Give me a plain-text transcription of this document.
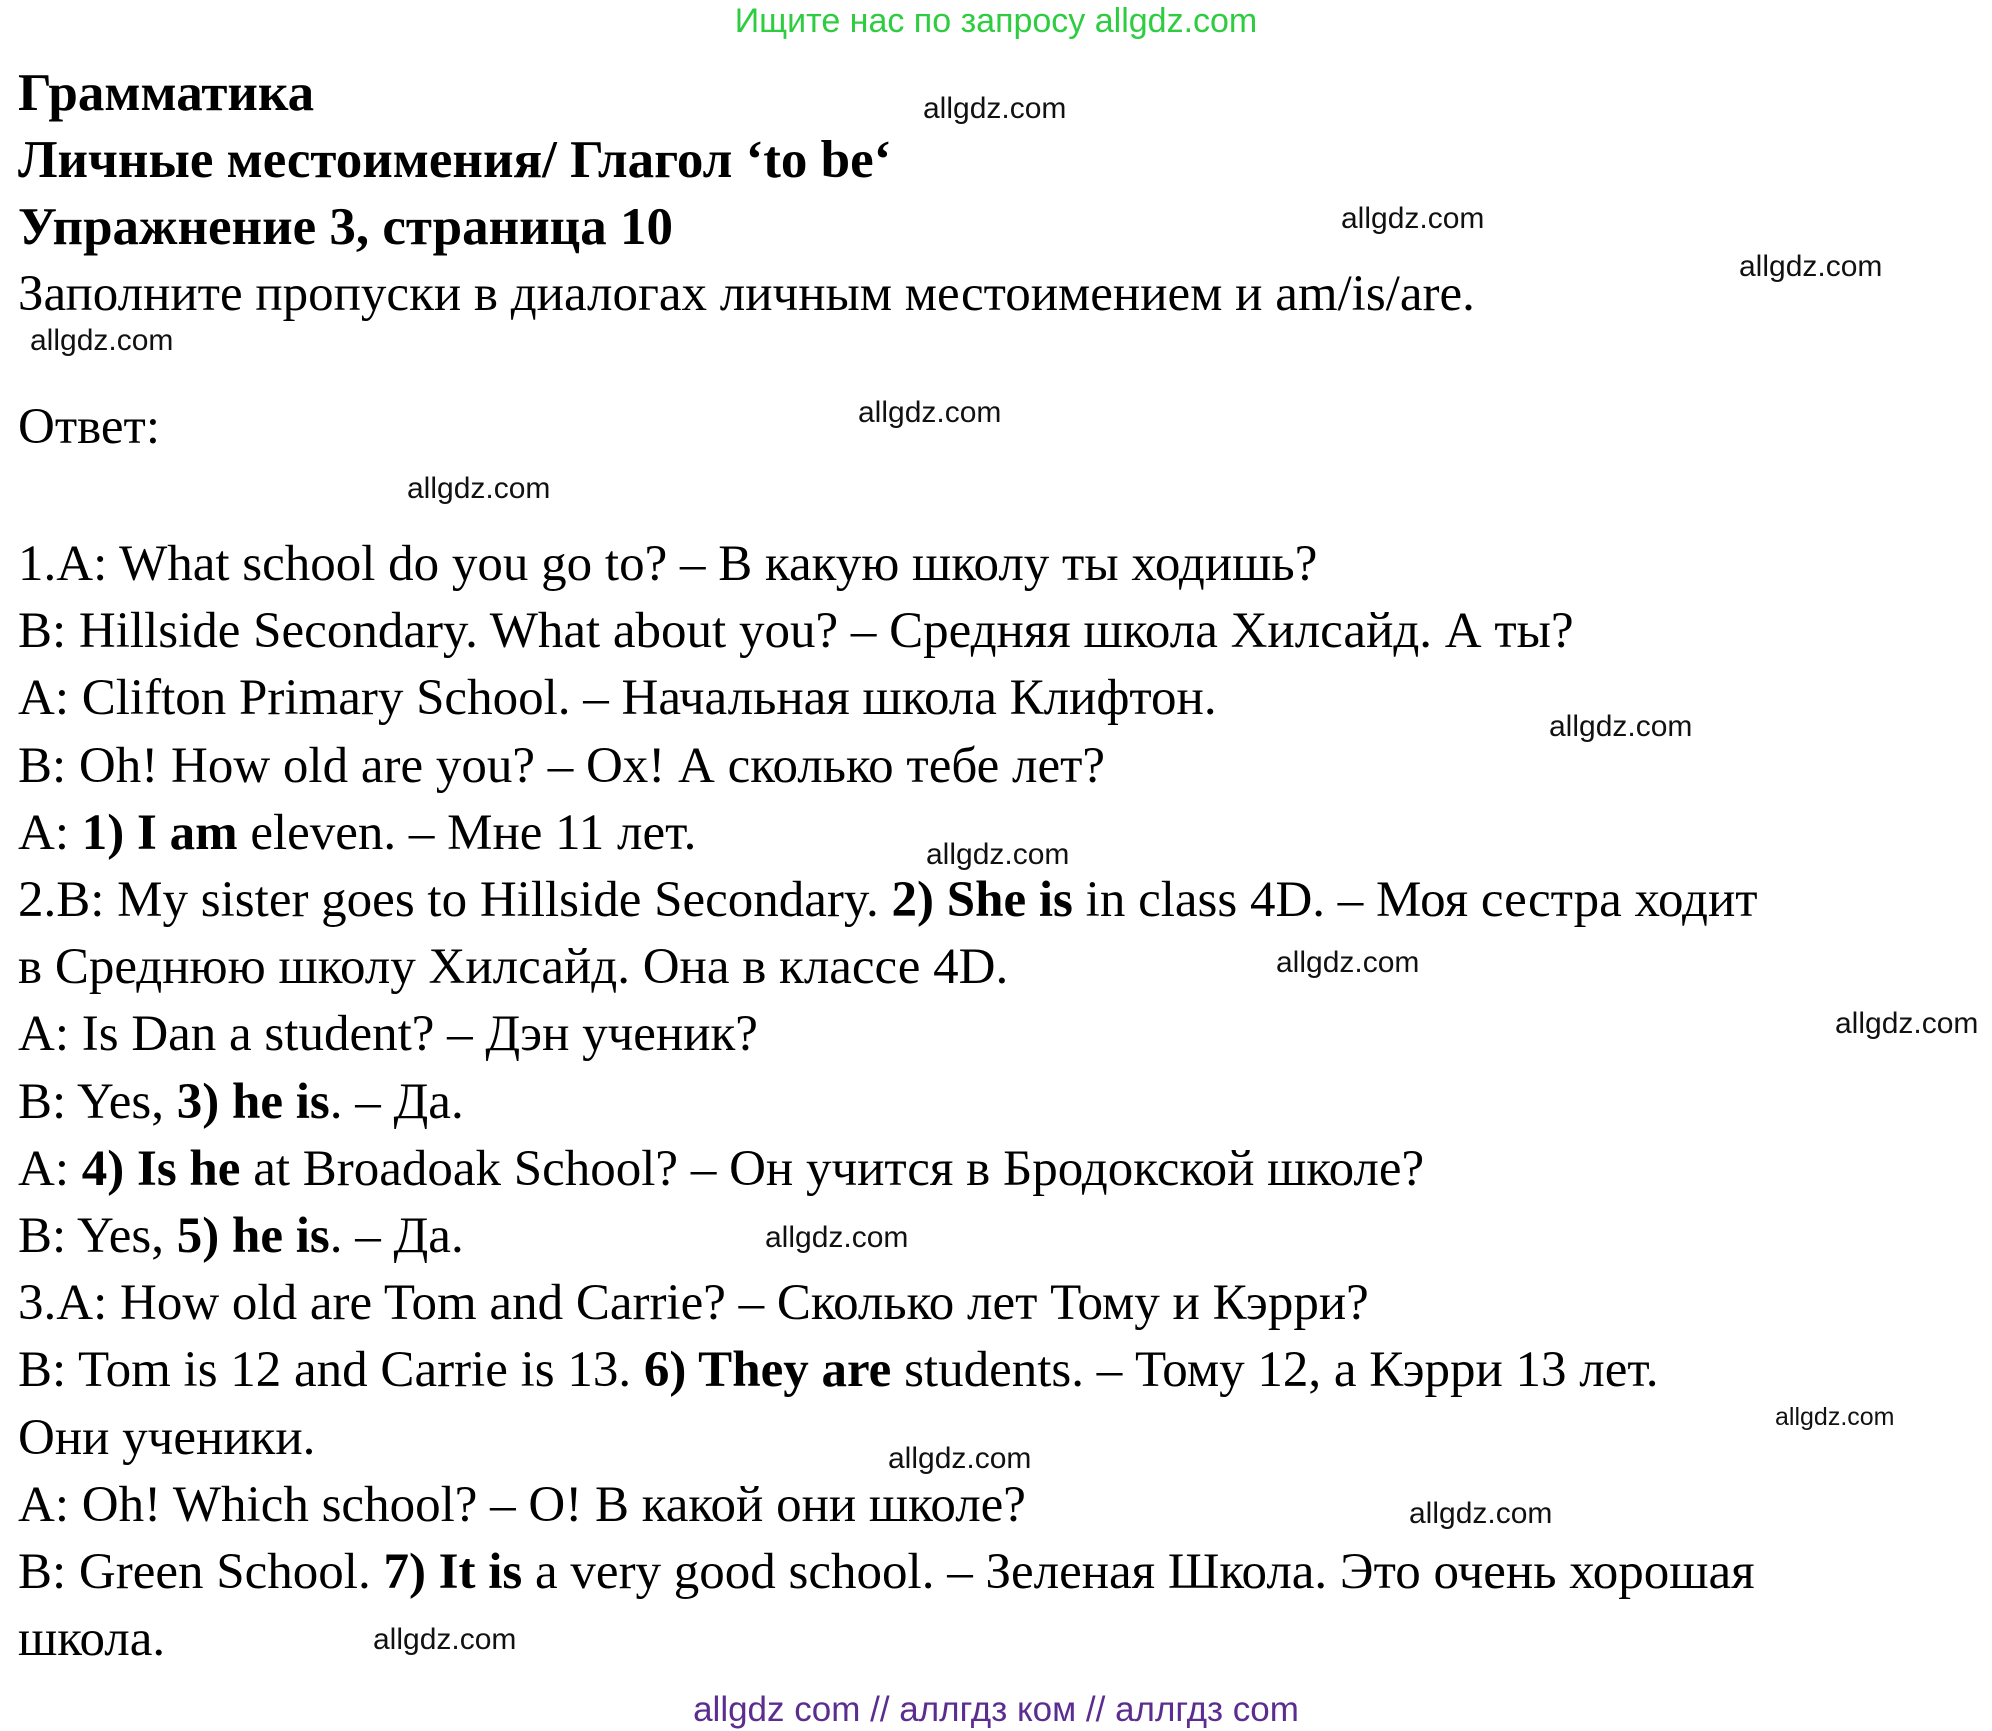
Ищите нас по запросу allgdz.com

Грамматика

Личные местоимения/ Глагол ‘to be‘

Упражнение 3, страница 10

Заполните пропуски в диалогах личным местоимением и am/is/are.

Ответ:

1.A: What school do you go to? – В какую школу ты ходишь?

B: Hillside Secondary. What about you? – Средняя школа Хилсайд. А ты?

A: Clifton Primary School. – Начальная школа Клифтон.

B: Oh! How old are you? – Ох! А сколько тебе лет?

A: 1) I am eleven. – Мне 11 лет.

2.B: My sister goes to Hillside Secondary. 2) She is in class 4D. – Моя сестра ходит

в Среднюю школу Хилсайд. Она в классе 4D.

A: Is Dan a student? – Дэн ученик?

B: Yes, 3) he is. – Да.

A: 4) Is he at Broadoak School? – Он учится в Бродокской школе?

B: Yes, 5) he is. – Да.

3.A: How old are Tom and Carrie? – Сколько лет Тому и Кэрри?

B: Tom is 12 and Carrie is 13. 6) They are students. – Тому 12, а Кэрри 13 лет.

Они ученики.

A: Oh! Which school? – О! В какой они школе?

B: Green School. 7) It is a very good school. – Зеленая Школа. Это очень хорошая

школа.

allgdz.com
allgdz.com
allgdz.com
allgdz.com
allgdz.com
allgdz.com
allgdz.com
allgdz.com
allgdz.com
allgdz.com
allgdz.com
allgdz.com
allgdz.com
allgdz.com
allgdz.com
allgdz com // аллгдз ком // аллгдз com
